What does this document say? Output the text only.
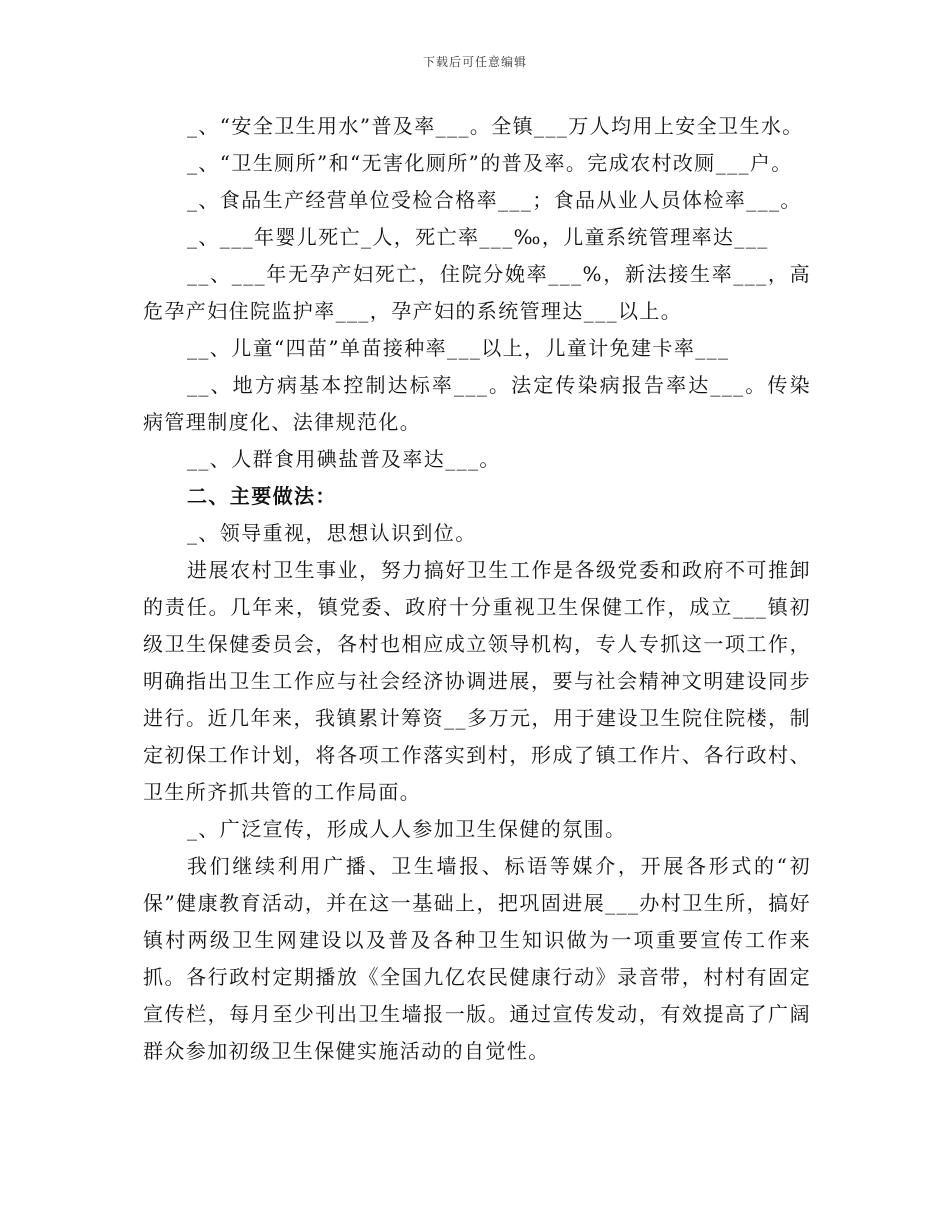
下载后可任意编辑

_、“安全卫生用水”普及率___。全镇___万人均用上安全卫生水。

_、“卫生厕所”和“无害化厕所”的普及率。完成农村改厕___户。

_、食品生产经营单位受检合格率___；食品从业人员体检率___。

_、___年婴儿死亡_人，死亡率___‰，儿童系统管理率达___

__、___年无孕产妇死亡，住院分娩率___%，新法接生率___，高危孕产妇住院监护率___，孕产妇的系统管理达___以上。

__、儿童“四苗”单苗接种率___以上，儿童计免建卡率___

__、地方病基本控制达标率___。法定传染病报告率达___。传染病管理制度化、法律规范化。

__、人群食用碘盐普及率达___。

二、主要做法：

_、领导重视，思想认识到位。

进展农村卫生事业，努力搞好卫生工作是各级党委和政府不可推卸的责任。几年来，镇党委、政府十分重视卫生保健工作，成立___镇初级卫生保健委员会，各村也相应成立领导机构，专人专抓这一项工作，明确指出卫生工作应与社会经济协调进展，要与社会精神文明建设同步进行。近几年来，我镇累计筹资__多万元，用于建设卫生院住院楼，制定初保工作计划，将各项工作落实到村，形成了镇工作片、各行政村、卫生所齐抓共管的工作局面。

_、广泛宣传，形成人人参加卫生保健的氛围。

我们继续利用广播、卫生墙报、标语等媒介，开展各形式的“初保”健康教育活动，并在这一基础上，把巩固进展___办村卫生所，搞好镇村两级卫生网建设以及普及各种卫生知识做为一项重要宣传工作来抓。各行政村定期播放《全国九亿农民健康行动》录音带，村村有固定宣传栏，每月至少刊出卫生墙报一版。通过宣传发动，有效提高了广阔群众参加初级卫生保健实施活动的自觉性。
